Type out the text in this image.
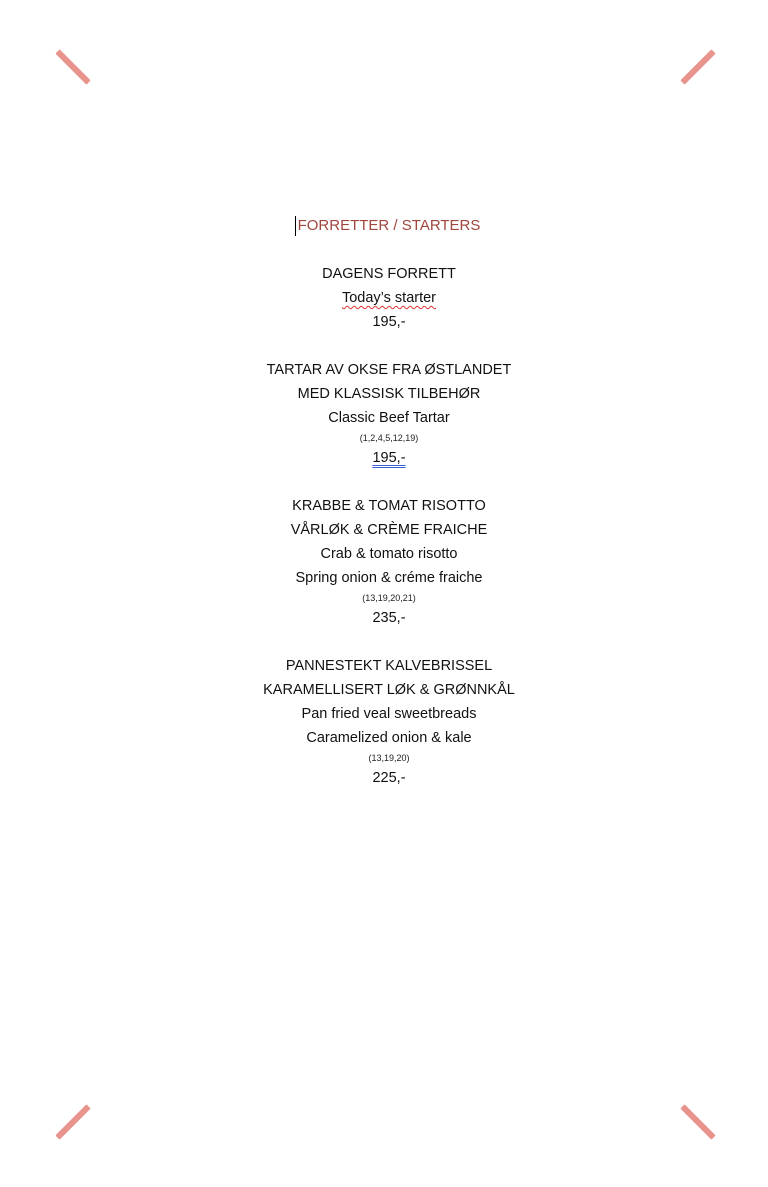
FORRETTER / STARTERS
DAGENS FORRETT
Today’s starter
195,-
TARTAR AV OKSE FRA ØSTLANDET
MED KLASSISK TILBEHØR
Classic Beef Tartar
(1,2,4,5,12,19)
195,-
KRABBE & TOMAT RISOTTO
VÅRLØK & CRÈME FRAICHE
Crab & tomato risotto
Spring onion & créme fraiche
(13,19,20,21)
235,-
PANNESTEKT KALVEBRISSEL
KARAMELLISERT LØK & GRØNNKÅL
Pan fried veal sweetbreads
Caramelized onion & kale
(13,19,20)
225,-
